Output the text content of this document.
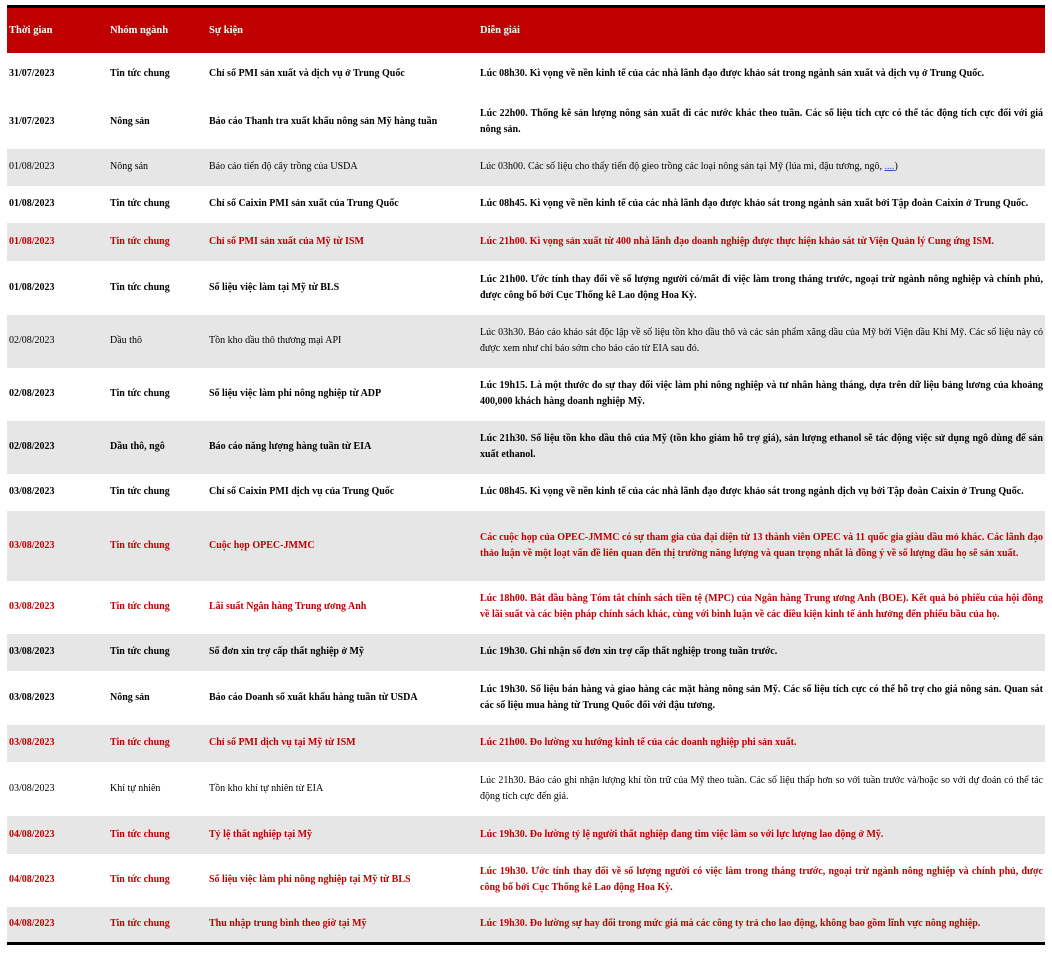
Thời gian	Nhóm ngành	Sự kiện	Diễn giải
31/07/2023	Tin tức chung	Chỉ số PMI sản xuất và dịch vụ ở Trung Quốc	Lúc 08h30. Kì vọng về nền kinh tế của các nhà lãnh đạo được khảo sát trong ngành sản xuất và dịch vụ ở Trung Quốc.
31/07/2023	Nông sản	Báo cáo Thanh tra xuất khẩu nông sản Mỹ hàng tuần	Lúc 22h00. Thống kê sản lượng nông sản xuất đi các nước khác theo tuần. Các số liệu tích cực có thể tác động tích cực đối với giá nông sản.
01/08/2023	Nông sản	Báo cáo tiến độ cây trồng của USDA	Lúc 03h00. Các số liệu cho thấy tiến độ gieo trồng các loại nông sản tại Mỹ (lúa mì, đậu tương, ngô, ....)
01/08/2023	Tin tức chung	Chỉ số Caixin PMI sản xuất của Trung Quốc	Lúc 08h45. Kì vọng về nền kinh tế của các nhà lãnh đạo được khảo sát trong ngành sản xuất bởi Tập đoàn Caixin ở Trung Quốc.
01/08/2023	Tin tức chung	Chỉ số PMI sản xuất của Mỹ từ ISM	Lúc 21h00. Kì vọng sản xuất từ 400 nhà lãnh đạo doanh nghiệp được thực hiện khảo sát từ Viện Quản lý Cung ứng ISM.
01/08/2023	Tin tức chung	Số liệu việc làm tại Mỹ từ BLS	Lúc 21h00. Ước tính thay đổi về số lượng người có/mất đi việc làm trong tháng trước, ngoại trừ ngành nông nghiệp và chính phủ, được công bố bởi Cục Thống kê Lao động Hoa Kỳ.
02/08/2023	Dầu thô	Tồn kho dầu thô thương mại API	Lúc 03h30. Báo cáo khảo sát độc lập về số liệu tồn kho dầu thô và các sản phẩm xăng dầu của Mỹ bởi Viện dầu Khí Mỹ. Các số liệu này có được xem như chỉ báo sớm cho báo cáo từ EIA sau đó.
02/08/2023	Tin tức chung	Số liệu việc làm phi nông nghiệp từ ADP	Lúc 19h15. Là một thước đo sự thay đổi việc làm phi nông nghiệp và tư nhân hàng tháng, dựa trên dữ liệu bảng lương của khoảng 400,000 khách hàng doanh nghiệp Mỹ.
02/08/2023	Dầu thô, ngô	Báo cáo năng lượng hàng tuần từ EIA	Lúc 21h30. Số liệu tồn kho dầu thô của Mỹ (tồn kho giảm hỗ trợ giá), sản lượng ethanol sẽ tác động việc sử dụng ngô dùng để sản xuất ethanol.
03/08/2023	Tin tức chung	Chỉ số Caixin PMI dịch vụ của Trung Quốc	Lúc 08h45. Kì vọng về nền kinh tế của các nhà lãnh đạo được khảo sát trong ngành dịch vụ bởi Tập đoàn Caixin ở Trung Quốc.
03/08/2023	Tin tức chung	Cuộc họp OPEC-JMMC	Các cuộc họp của OPEC-JMMC có sự tham gia của đại diện từ 13 thành viên OPEC và 11 quốc gia giàu dầu mỏ khác. Các lãnh đạo thảo luận về một loạt vấn đề liên quan đến thị trường năng lượng và quan trọng nhất là đồng ý về số lượng dầu họ sẽ sản xuất.
03/08/2023	Tin tức chung	Lãi suất Ngân hàng Trung ương Anh	Lúc 18h00. Bắt đầu bằng Tóm tắt chính sách tiền tệ (MPC) của Ngân hàng Trung ương Anh (BOE). Kết quả bỏ phiếu của hội đồng về lãi suất và các biện pháp chính sách khác, cùng với bình luận về các điều kiện kinh tế ảnh hưởng đến phiếu bầu của họ.
03/08/2023	Tin tức chung	Số đơn xin trợ cấp thất nghiệp ở Mỹ	Lúc 19h30. Ghi nhận số đơn xin trợ cấp thất nghiệp trong tuần trước.
03/08/2023	Nông sản	Báo cáo Doanh số xuất khẩu hàng tuần từ USDA	Lúc 19h30. Số liệu bán hàng và giao hàng các mặt hàng nông sản Mỹ. Các số liệu tích cực có thể hỗ trợ cho giá nông sản. Quan sát các số liệu mua hàng từ Trung Quốc đối với đậu tương.
03/08/2023	Tin tức chung	Chỉ số PMI dịch vụ tại Mỹ từ ISM	Lúc 21h00. Đo lường xu hướng kinh tế của các doanh nghiệp phi sản xuất.
03/08/2023	Khí tự nhiên	Tồn kho khí tự nhiên từ EIA	Lúc 21h30. Báo cáo ghi nhận lượng khí tồn trữ của Mỹ theo tuần. Các số liệu thấp hơn so với tuần trước và/hoặc so với dự đoán có thể tác động tích cực đến giá.
04/08/2023	Tin tức chung	Tỷ lệ thất nghiệp tại Mỹ	Lúc 19h30. Đo lường tỷ lệ người thất nghiệp đang tìm việc làm so với lực lượng lao động ở Mỹ.
04/08/2023	Tin tức chung	Số liệu việc làm phi nông nghiệp tại Mỹ từ BLS	Lúc 19h30. Ước tính thay đổi về số lượng người có việc làm trong tháng trước, ngoại trừ ngành nông nghiệp và chính phủ, được công bố bởi Cục Thống kê Lao động Hoa Kỳ.
04/08/2023	Tin tức chung	Thu nhập trung bình theo giờ tại Mỹ	Lúc 19h30. Đo lường sự hay đổi trong mức giá mà các công ty trả cho lao động, không bao gồm lĩnh vực nông nghiệp.
